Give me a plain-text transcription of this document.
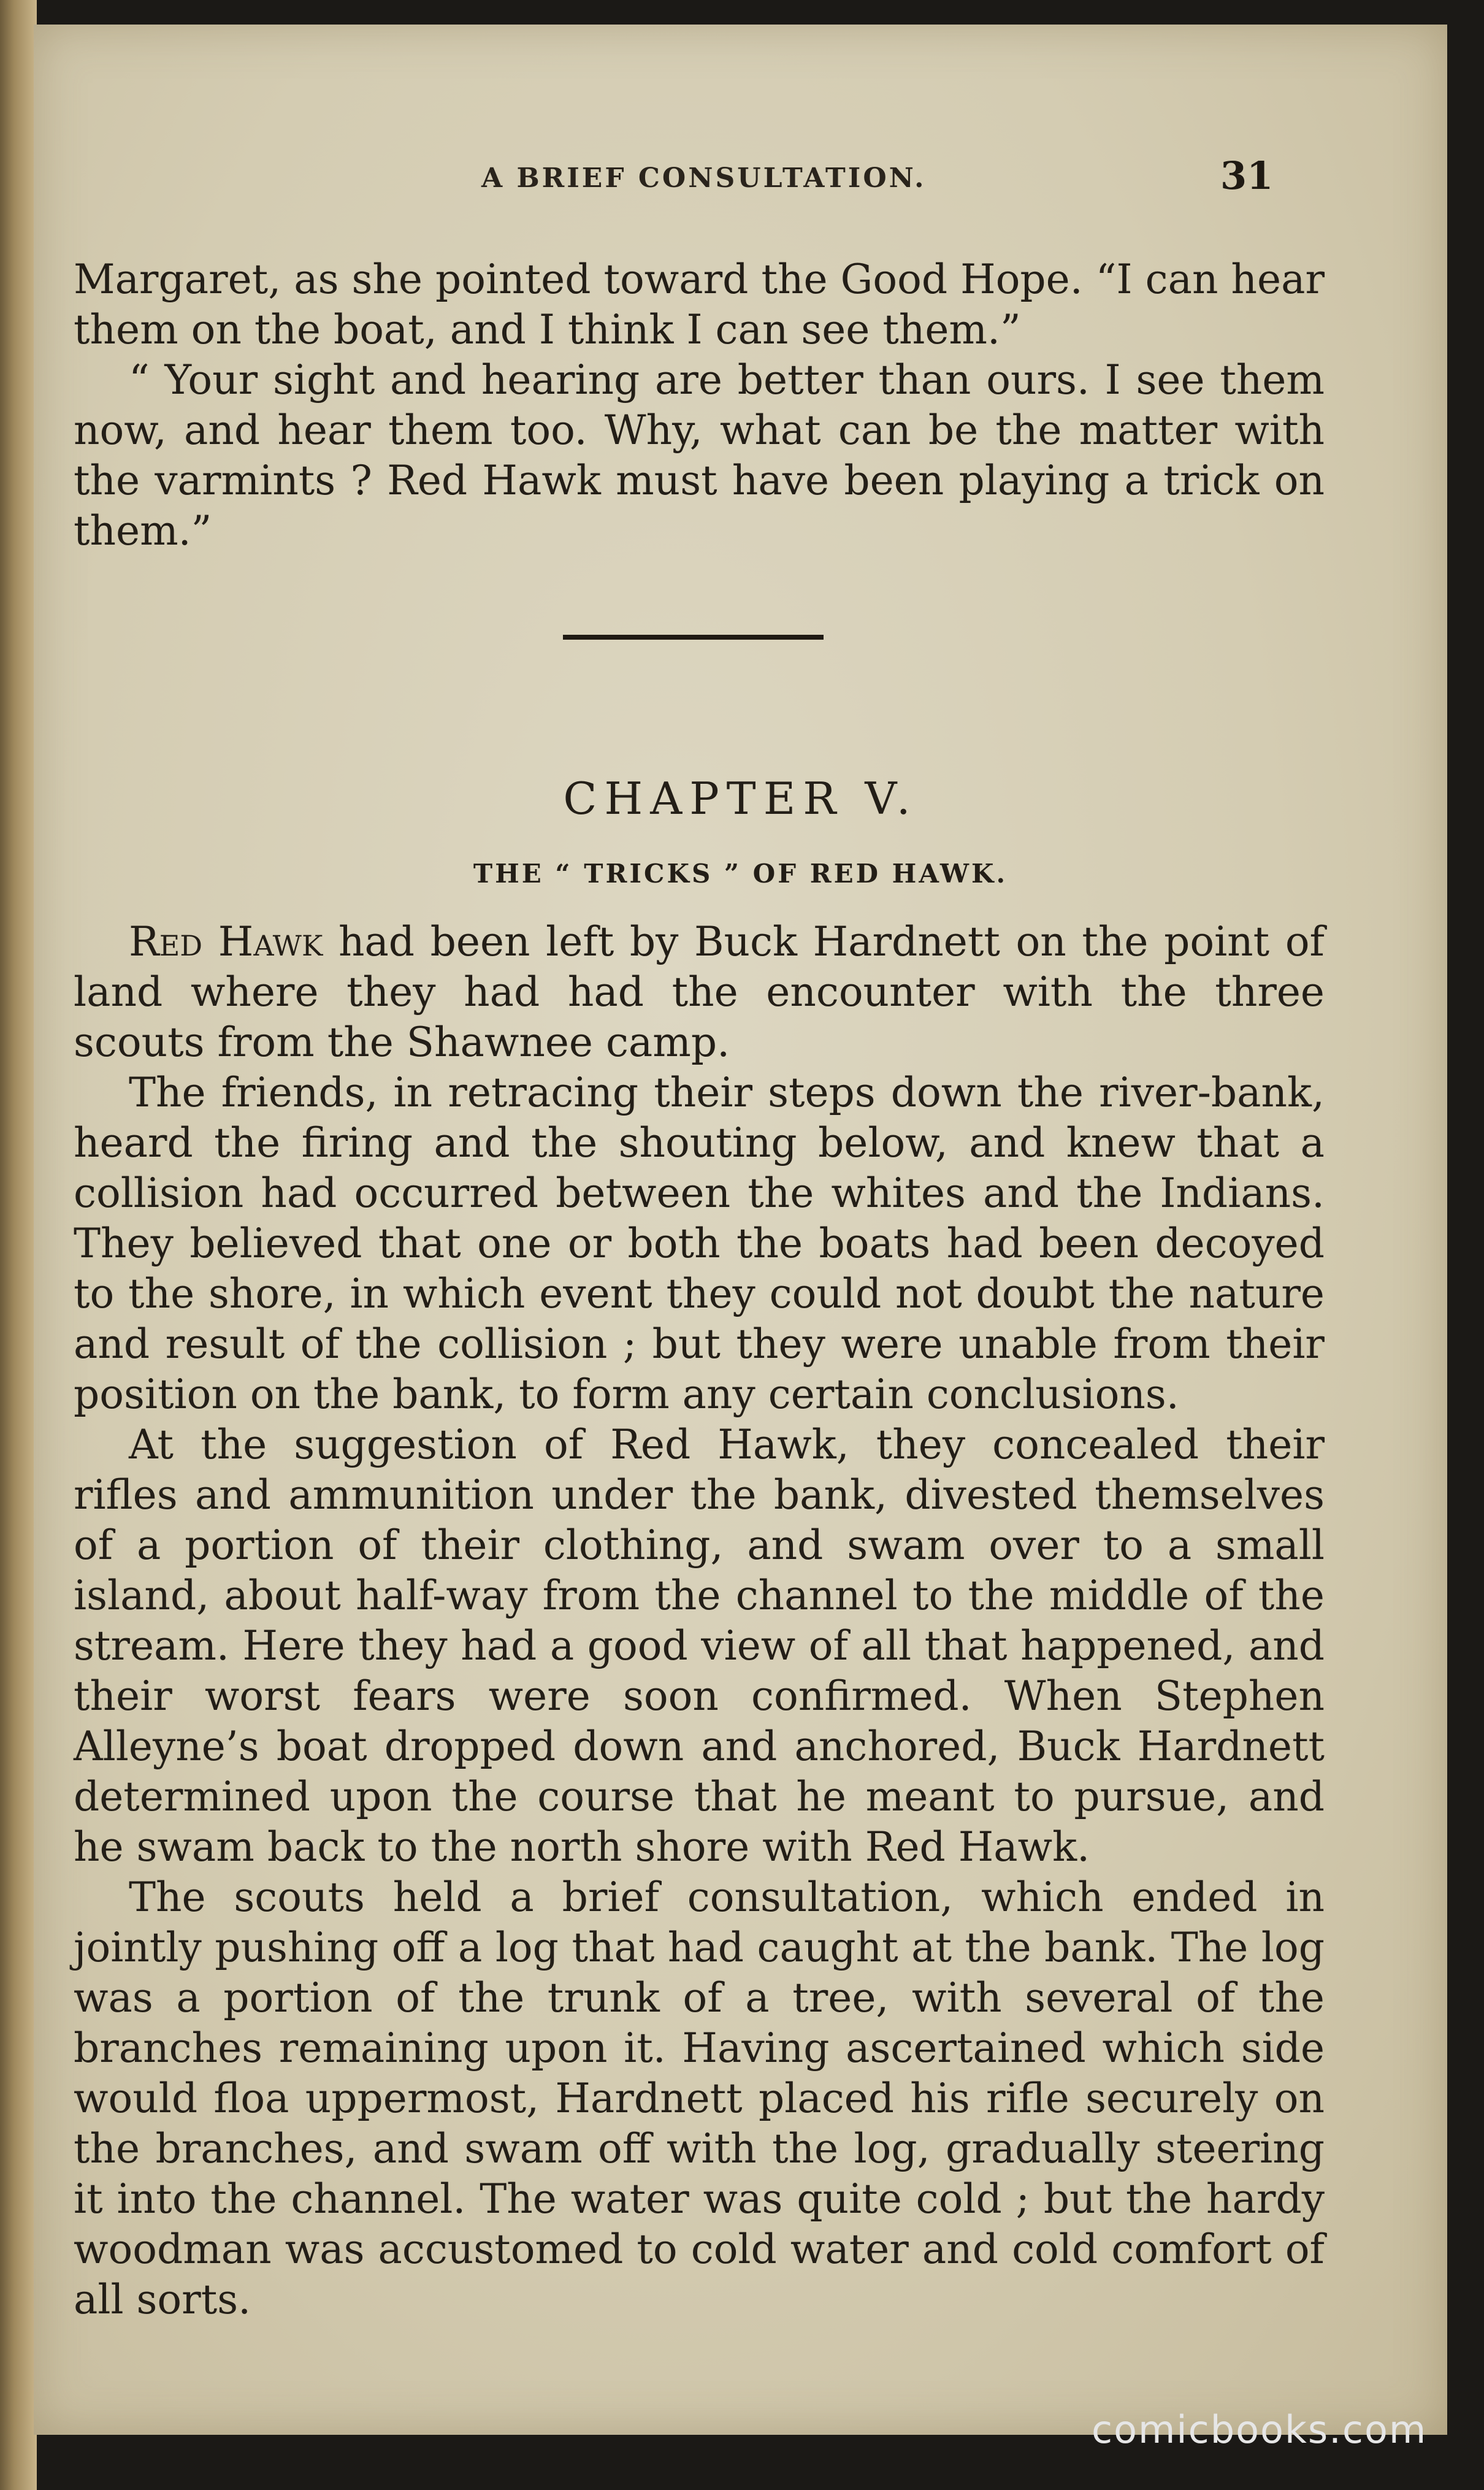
A BRIEF CONSULTATION.	31

Margaret, as she pointed toward the Good Hope. “I can hear them on the boat, and I think I can see them.”

“ Your sight and hearing are better than ours. I see them now, and hear them too. Why, what can be the matter with the varmints ? Red Hawk must have been playing a trick on them.”

CHAPTER V.
THE “ TRICKS ” OF RED HAWK.

Red Hawk had been left by Buck Hardnett on the point of land where they had had the encounter with the three scouts from the Shawnee camp.

The friends, in retracing their steps down the river-bank, heard the firing and the shouting below, and knew that a collision had occurred between the whites and the Indians. They believed that one or both the boats had been decoyed to the shore, in which event they could not doubt the nature and result of the collision ; but they were unable from their position on the bank, to form any certain conclusions.

At the suggestion of Red Hawk, they concealed their rifles and ammunition under the bank, divested themselves of a portion of their clothing, and swam over to a small island, about half-way from the channel to the middle of the stream. Here they had a good view of all that happened, and their worst fears were soon confirmed. When Stephen Alleyne’s boat dropped down and anchored, Buck Hardnett determined upon the course that he meant to pursue, and he swam back to the north shore with Red Hawk.

The scouts held a brief consultation, which ended in jointly pushing off a log that had caught at the bank. The log was a portion of the trunk of a tree, with several of the branches remaining upon it. Having ascertained which side would floa uppermost, Hardnett placed his rifle securely on the branches, and swam off with the log, gradually steering it into the channel. The water was quite cold ; but the hardy woodman was accustomed to cold water and cold comfort of all sorts.

comicbooks.com
